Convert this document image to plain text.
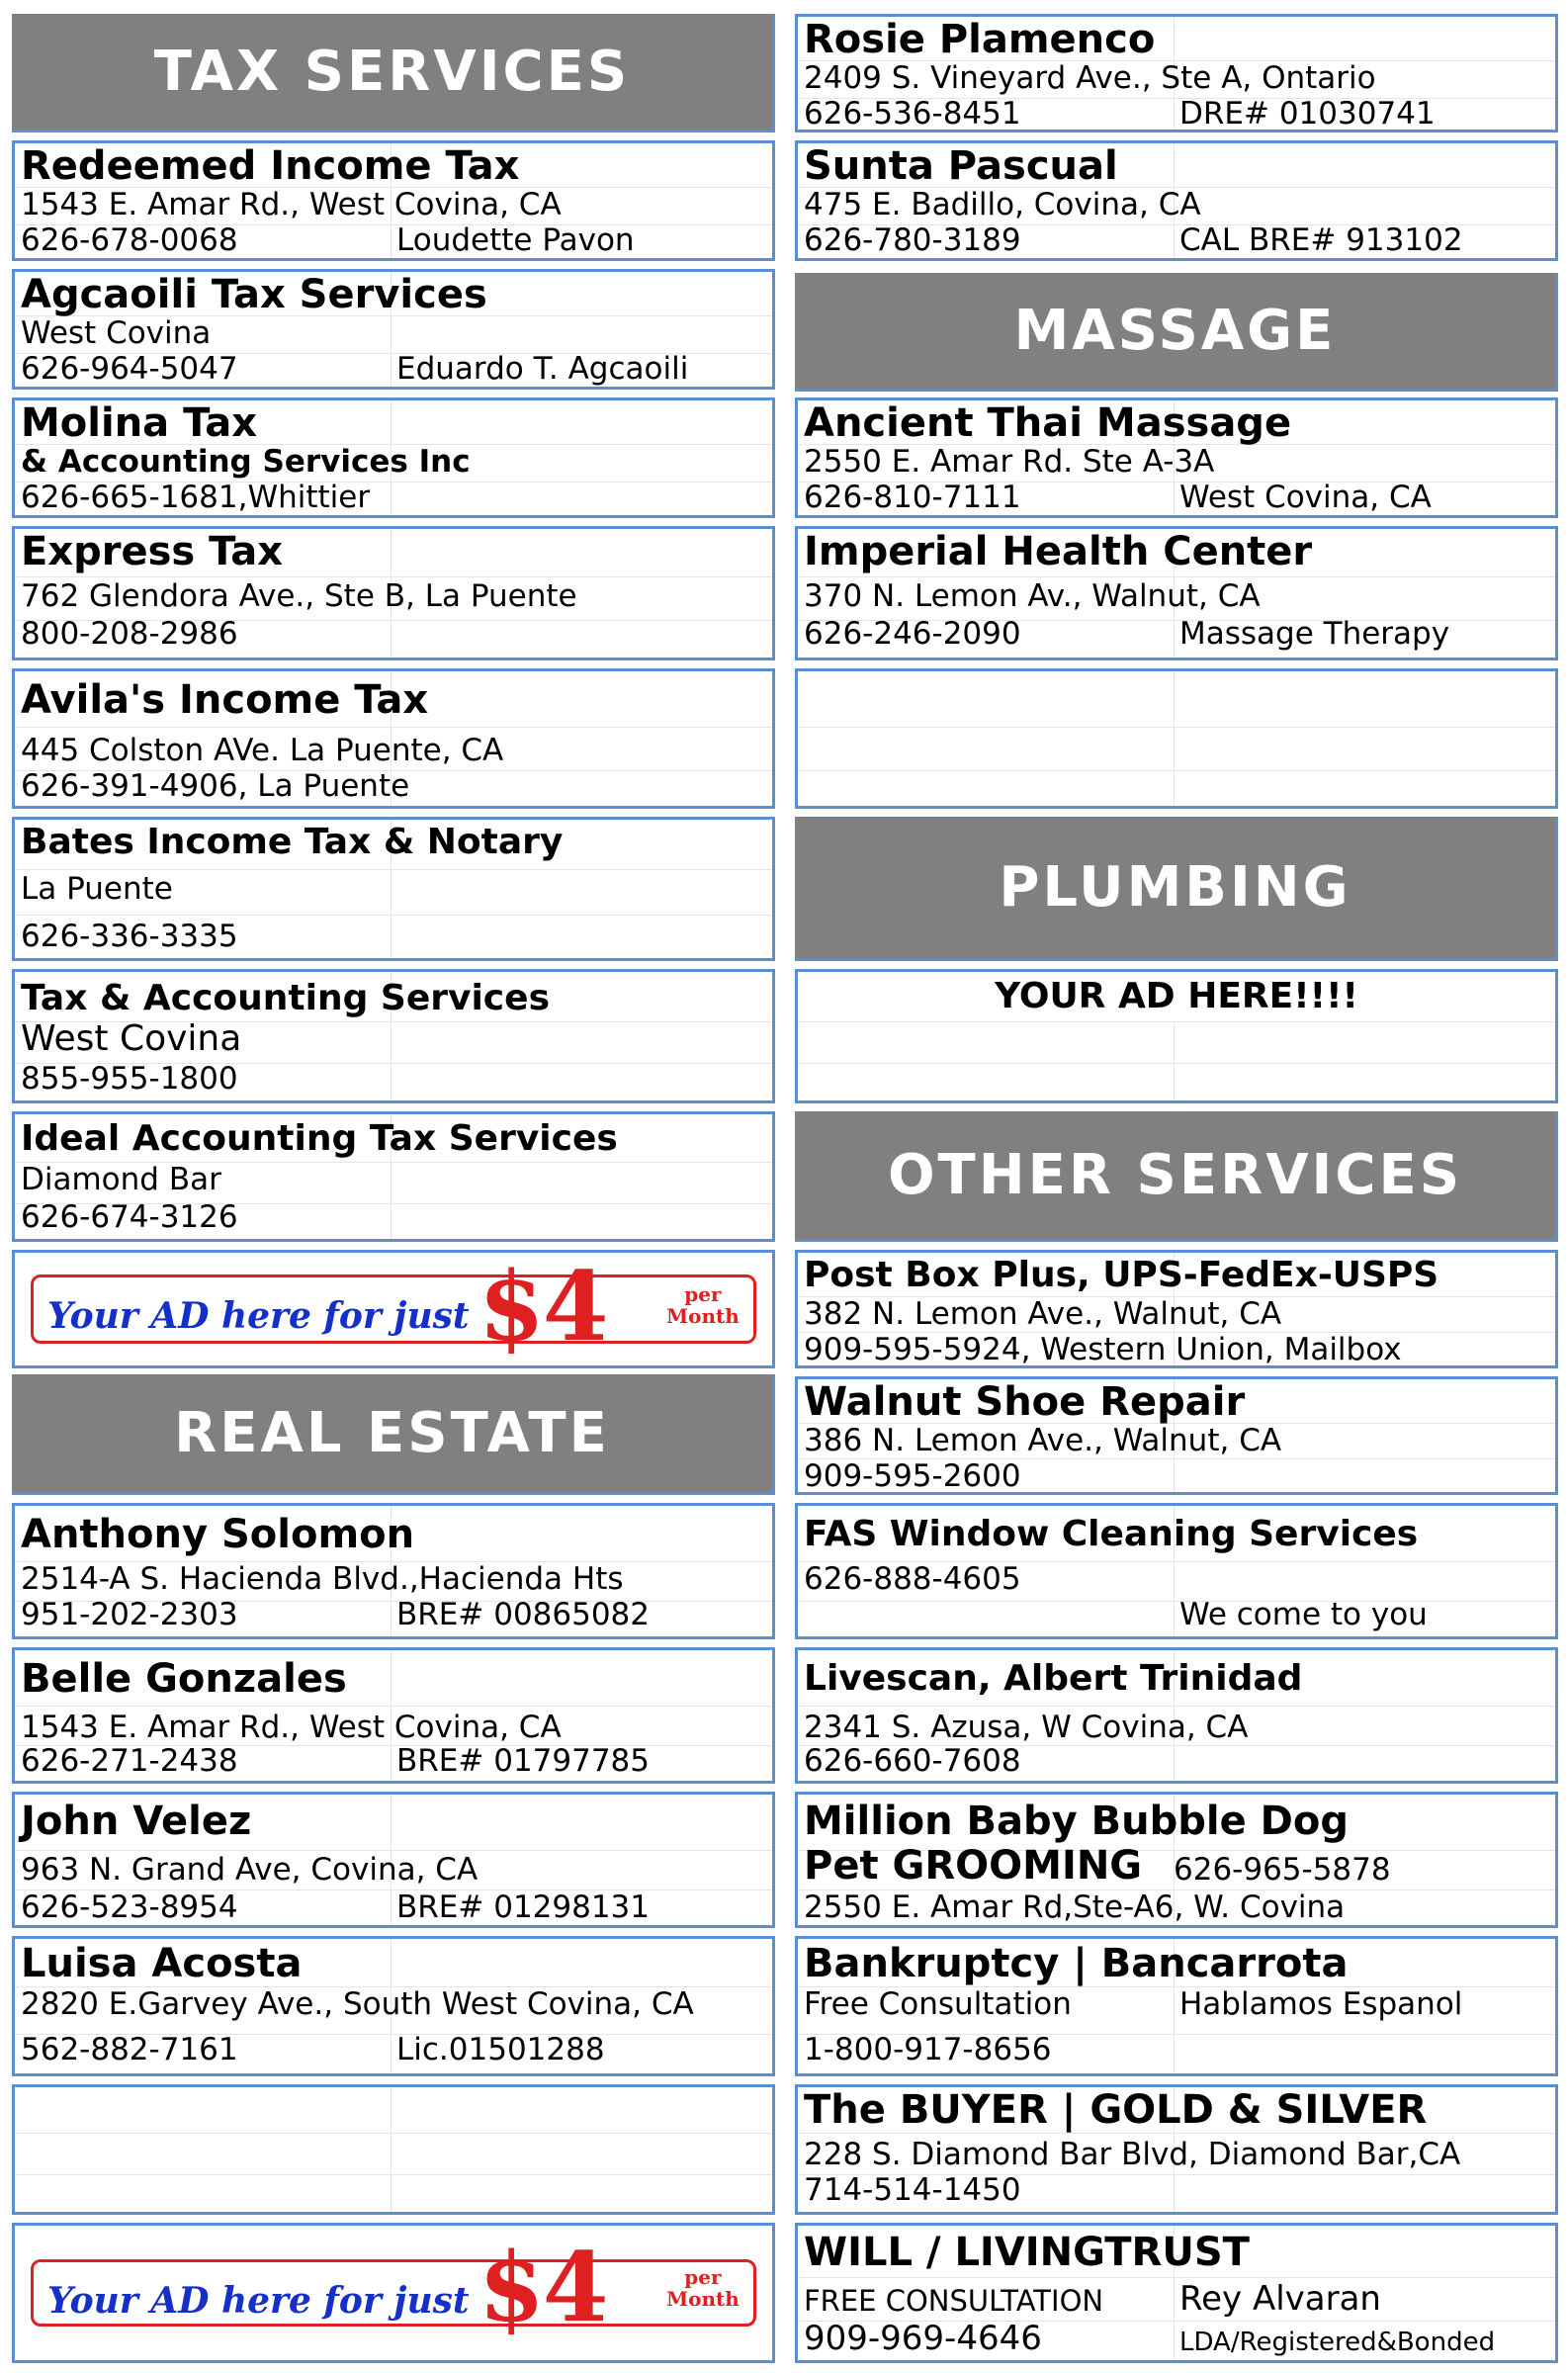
TAX SERVICES
Redeemed Income Tax
1543 E. Amar Rd., West Covina, CA
626-678-0068	Loudette Pavon
Agcaoili Tax Services
West Covina
626-964-5047	Eduardo T. Agcaoili
Molina Tax
& Accounting Services Inc
626-665-1681,Whittier
Express Tax
762 Glendora Ave., Ste B, La Puente
800-208-2986
Avila's Income Tax
445 Colston AVe. La Puente, CA
626-391-4906, La Puente
Bates Income Tax & Notary
La Puente
626-336-3335
Tax & Accounting Services
West Covina
855-955-1800
Ideal Accounting Tax Services
Diamond Bar
626-674-3126
Your AD here for just $4	per
Month
REAL ESTATE
Anthony Solomon
2514-A S. Hacienda Blvd.,Hacienda Hts
951-202-2303	BRE# 00865082
Belle Gonzales
1543 E. Amar Rd., West Covina, CA
626-271-2438	BRE# 01797785
John Velez
963 N. Grand Ave, Covina, CA
626-523-8954	BRE# 01298131
Luisa Acosta
2820 E.Garvey Ave., South West Covina, CA
562-882-7161	Lic.01501288
Your AD here for just $4	per
Month
Rosie Plamenco
2409 S. Vineyard Ave., Ste A, Ontario
626-536-8451	DRE# 01030741
Sunta Pascual
475 E. Badillo, Covina, CA
626-780-3189	CAL BRE# 913102
MASSAGE
Ancient Thai Massage
2550 E. Amar Rd. Ste A-3A
626-810-7111	West Covina, CA
Imperial Health Center
370 N. Lemon Av., Walnut, CA
626-246-2090	Massage Therapy
PLUMBING
YOUR AD HERE!!!!
OTHER SERVICES
Post Box Plus, UPS-FedEx-USPS
382 N. Lemon Ave., Walnut, CA
909-595-5924, Western Union, Mailbox
Walnut Shoe Repair
386 N. Lemon Ave., Walnut, CA
909-595-2600
FAS Window Cleaning Services
626-888-4605
We come to you
Livescan, Albert Trinidad
2341 S. Azusa, W Covina, CA
626-660-7608
Million Baby Bubble Dog
Pet GROOMING 626-965-5878
2550 E. Amar Rd,Ste-A6, W. Covina
Bankruptcy | Bancarrota
Free Consultation	Hablamos Espanol
1-800-917-8656
The BUYER | GOLD & SILVER
228 S. Diamond Bar Blvd, Diamond Bar,CA
714-514-1450
WILL / LIVINGTRUST
FREE CONSULTATION Rey Alvaran
909-969-4646	LDA/Registered&Bonded
